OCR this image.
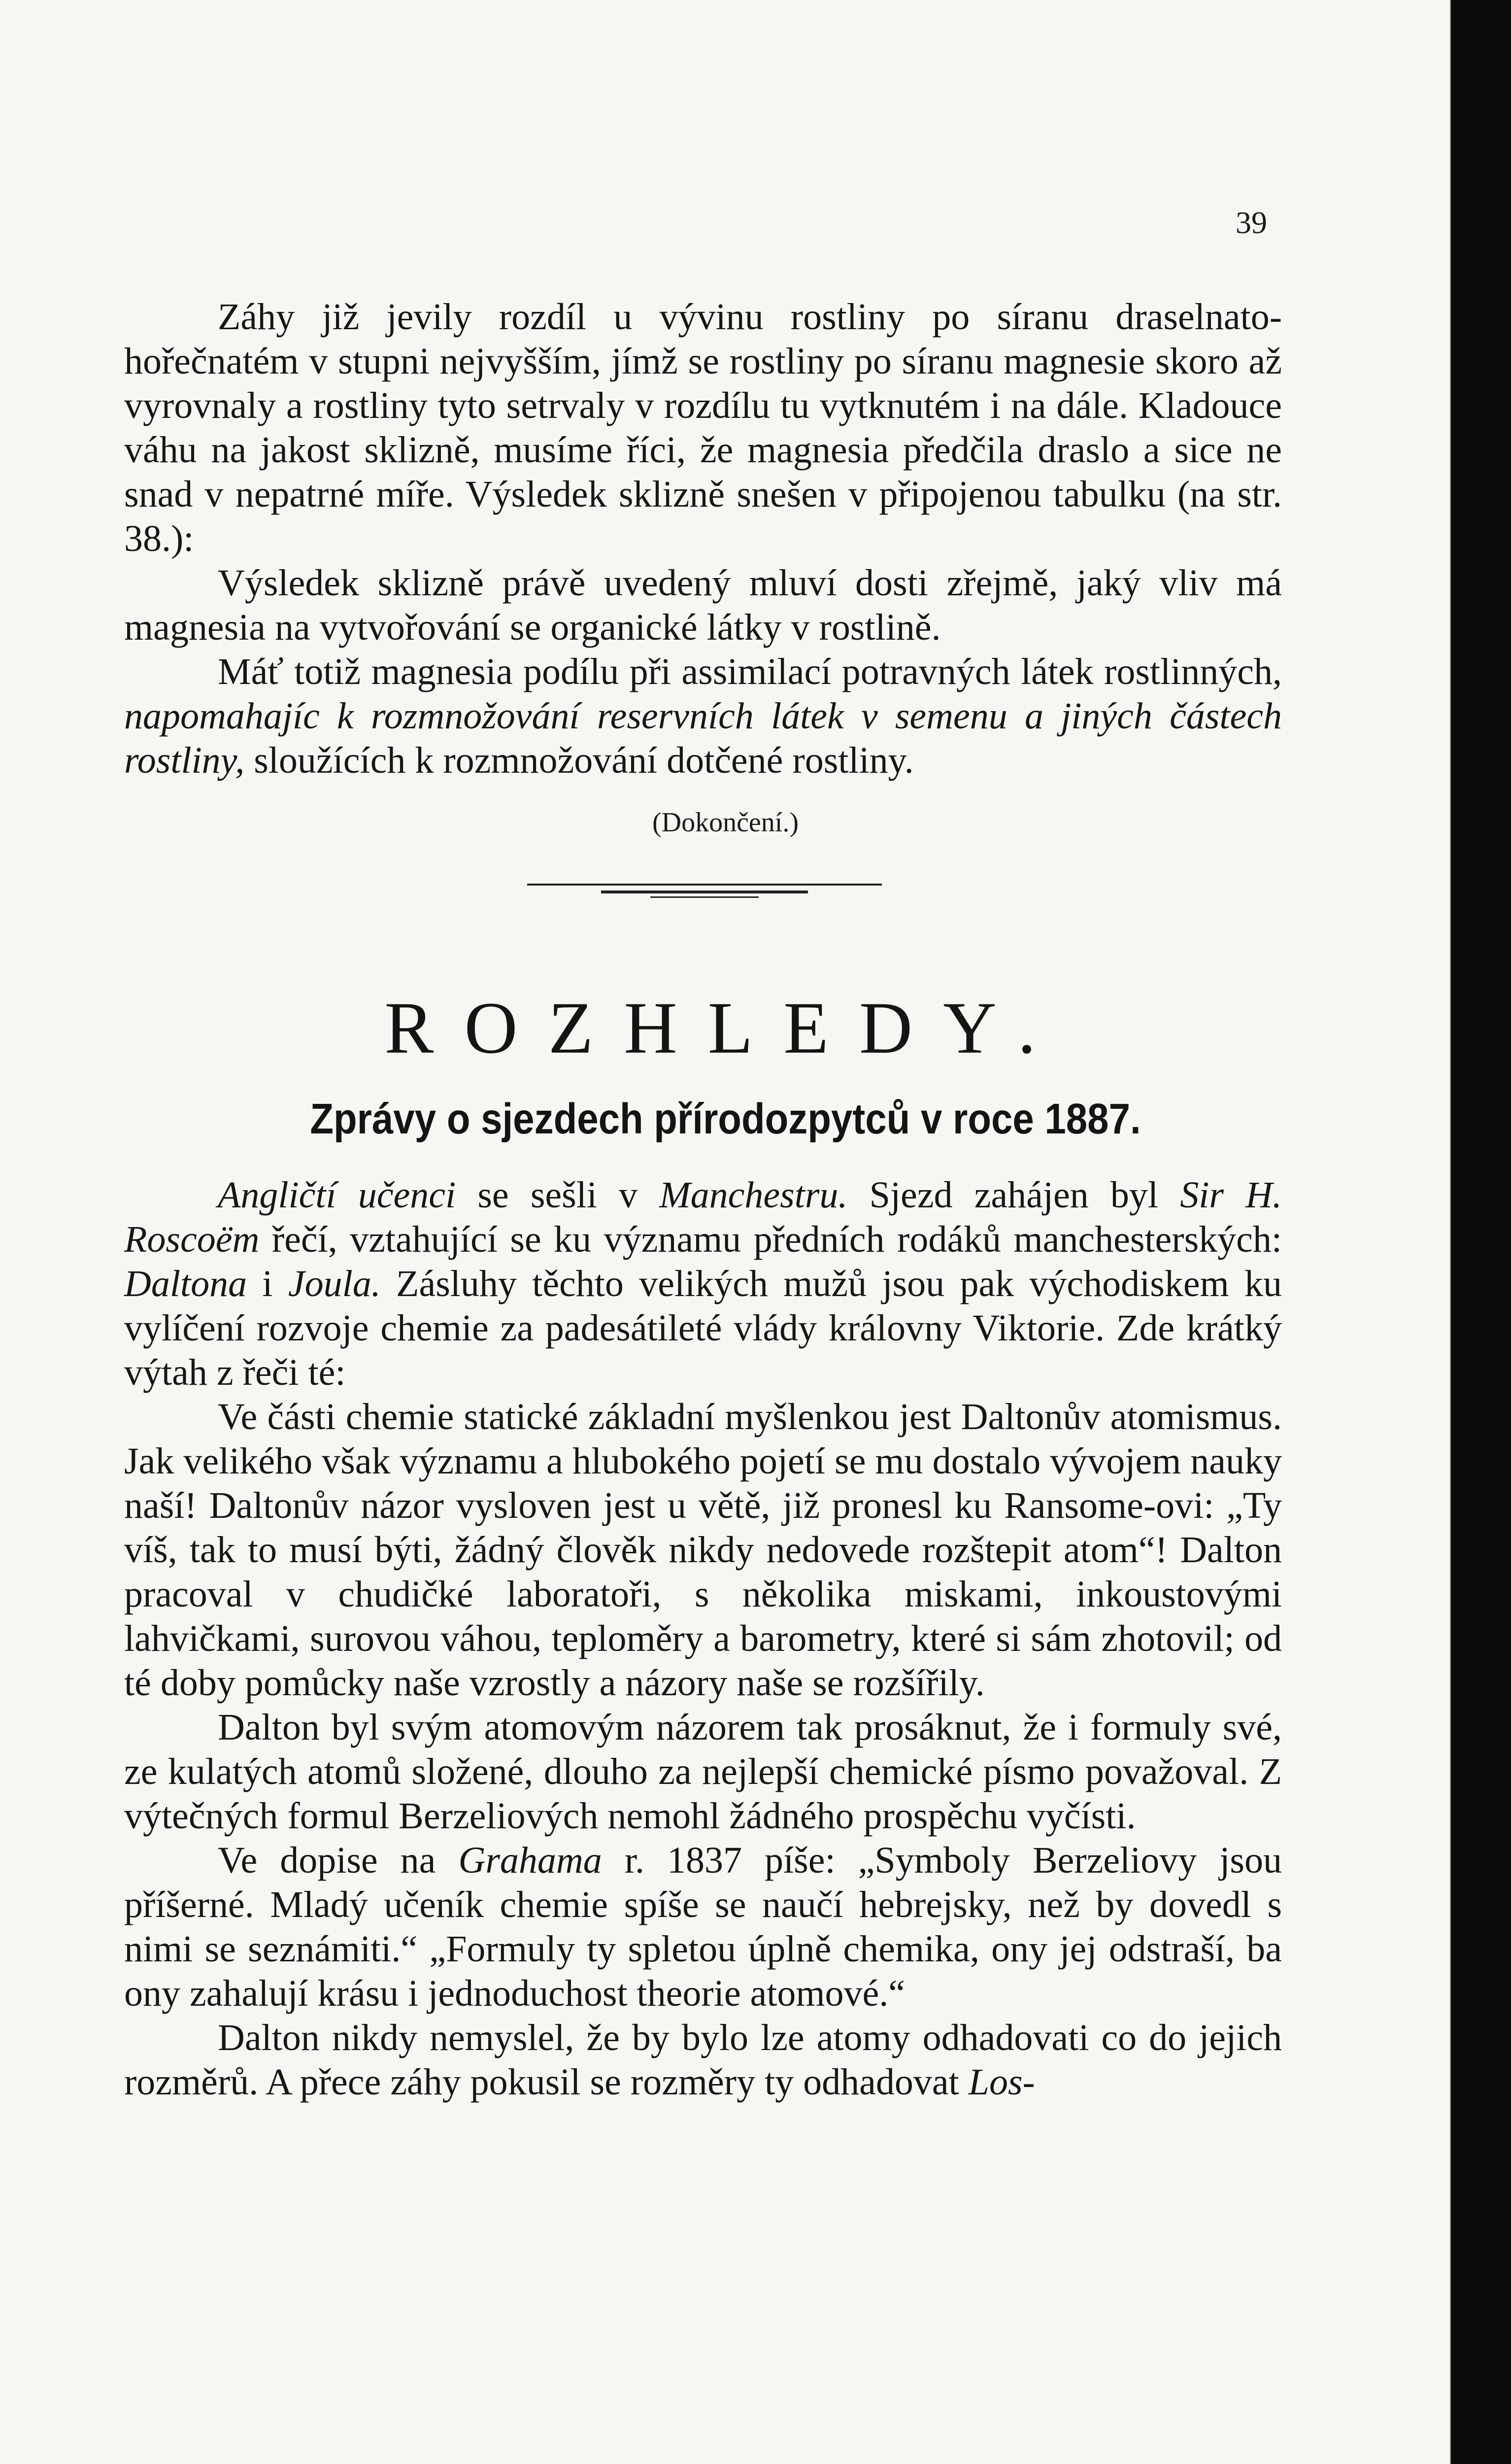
39

Záhy již jevily rozdíl u vývinu rostliny po síranu draselnato-hořečnatém v stupni nejvyšším, jímž se rostliny po síranu magnesie skoro až vyrovnaly a rostliny tyto setrvaly v rozdílu tu vytknutém i na dále. Kladouce váhu na jakost sklizně, musíme říci, že magnesia předčila draslo a sice ne snad v nepatrné míře. Výsledek sklizně snešen v připojenou tabulku (na str. 38.):

Výsledek sklizně právě uvedený mluví dosti zřejmě, jaký vliv má magnesia na vytvořování se organické látky v rostlině.

Máť totiž magnesia podílu při assimilací potravných látek rostlinných, napomahajíc k rozmnožování reservních látek v semenu a jiných částech rostliny, sloužících k rozmnožování dotčené rostliny.

(Dokončení.)
ROZHLEDY.
Zprávy o sjezdech přírodozpytců v roce 1887.

Angličtí učenci se sešli v Manchestru. Sjezd zahájen byl Sir H. Roscoëm řečí, vztahující se ku významu předních rodáků manchesterských: Daltona i Joula. Zásluhy těchto velikých mužů jsou pak východiskem ku vylíčení rozvoje chemie za padesátileté vlády královny Viktorie. Zde krátký výtah z řeči té:

Ve části chemie statické základní myšlenkou jest Daltonův atomismus. Jak velikého však významu a hlubokého pojetí se mu dostalo vývojem nauky naší! Daltonův názor vysloven jest u větě, již pronesl ku Ransome-ovi: „Ty víš, tak to musí býti, žádný člověk nikdy nedovede rozštepit atom“! Dalton pracoval v chudičké laboratoři, s několika miskami, inkoustovými lahvičkami, surovou váhou, teploměry a barometry, které si sám zhotovil; od té doby pomůcky naše vzrostly a názory naše se rozšířily.

Dalton byl svým atomovým názorem tak prosáknut, že i formuly své, ze kulatých atomů složené, dlouho za nejlepší chemické písmo považoval. Z výtečných formul Berzeliových nemohl žádného prospěchu vyčísti.

Ve dopise na Grahama r. 1837 píše: „Symboly Berzeliovy jsou příšerné. Mladý učeník chemie spíše se naučí hebrejsky, než by dovedl s nimi se seznámiti.“ „Formuly ty spletou úplně chemika, ony jej odstraší, ba ony zahalují krásu i jednoduchost theorie atomové.“

Dalton nikdy nemyslel, že by bylo lze atomy odhadovati co do jejich rozměrů. A přece záhy pokusil se rozměry ty odhadovat Los-
